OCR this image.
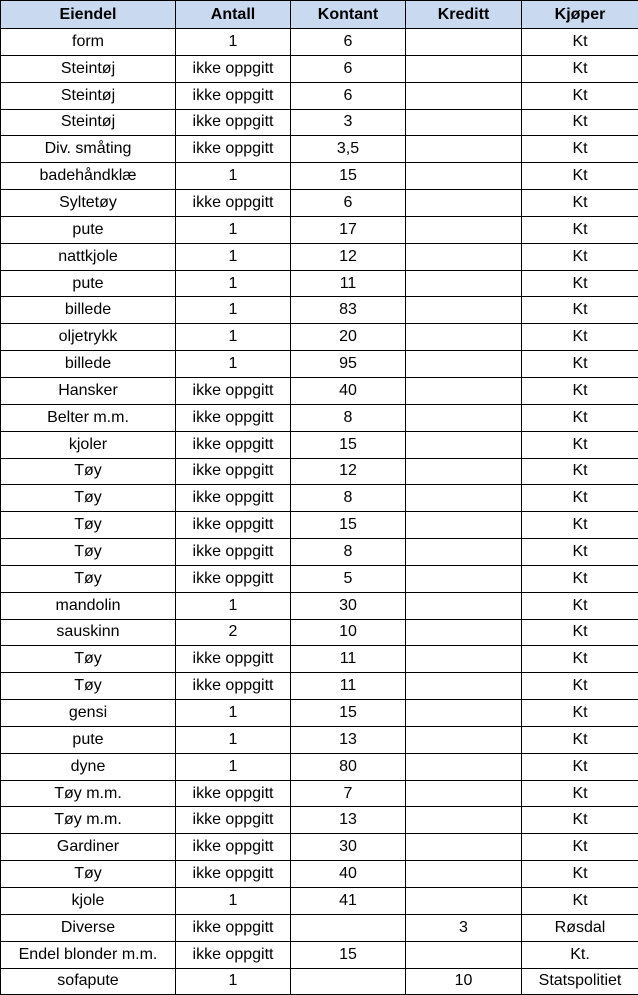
Eiendel	Antall	Kontant	Kreditt	Kjøper
form	1	6		Kt
Steintøj	ikke oppgitt	6		Kt
Steintøj	ikke oppgitt	6		Kt
Steintøj	ikke oppgitt	3		Kt
Div. småting	ikke oppgitt	3,5		Kt
badehåndklæ	1	15		Kt
Syltetøy	ikke oppgitt	6		Kt
pute	1	17		Kt
nattkjole	1	12		Kt
pute	1	11		Kt
billede	1	83		Kt
oljetrykk	1	20		Kt
billede	1	95		Kt
Hansker	ikke oppgitt	40		Kt
Belter m.m.	ikke oppgitt	8		Kt
kjoler	ikke oppgitt	15		Kt
Tøy	ikke oppgitt	12		Kt
Tøy	ikke oppgitt	8		Kt
Tøy	ikke oppgitt	15		Kt
Tøy	ikke oppgitt	8		Kt
Tøy	ikke oppgitt	5		Kt
mandolin	1	30		Kt
sauskinn	2	10		Kt
Tøy	ikke oppgitt	11		Kt
Tøy	ikke oppgitt	11		Kt
gensi	1	15		Kt
pute	1	13		Kt
dyne	1	80		Kt
Tøy m.m.	ikke oppgitt	7		Kt
Tøy m.m.	ikke oppgitt	13		Kt
Gardiner	ikke oppgitt	30		Kt
Tøy	ikke oppgitt	40		Kt
kjole	1	41		Kt
Diverse	ikke oppgitt		3	Røsdal
Endel blonder m.m.	ikke oppgitt	15		Kt.
sofapute	1		10	Statspolitiet
